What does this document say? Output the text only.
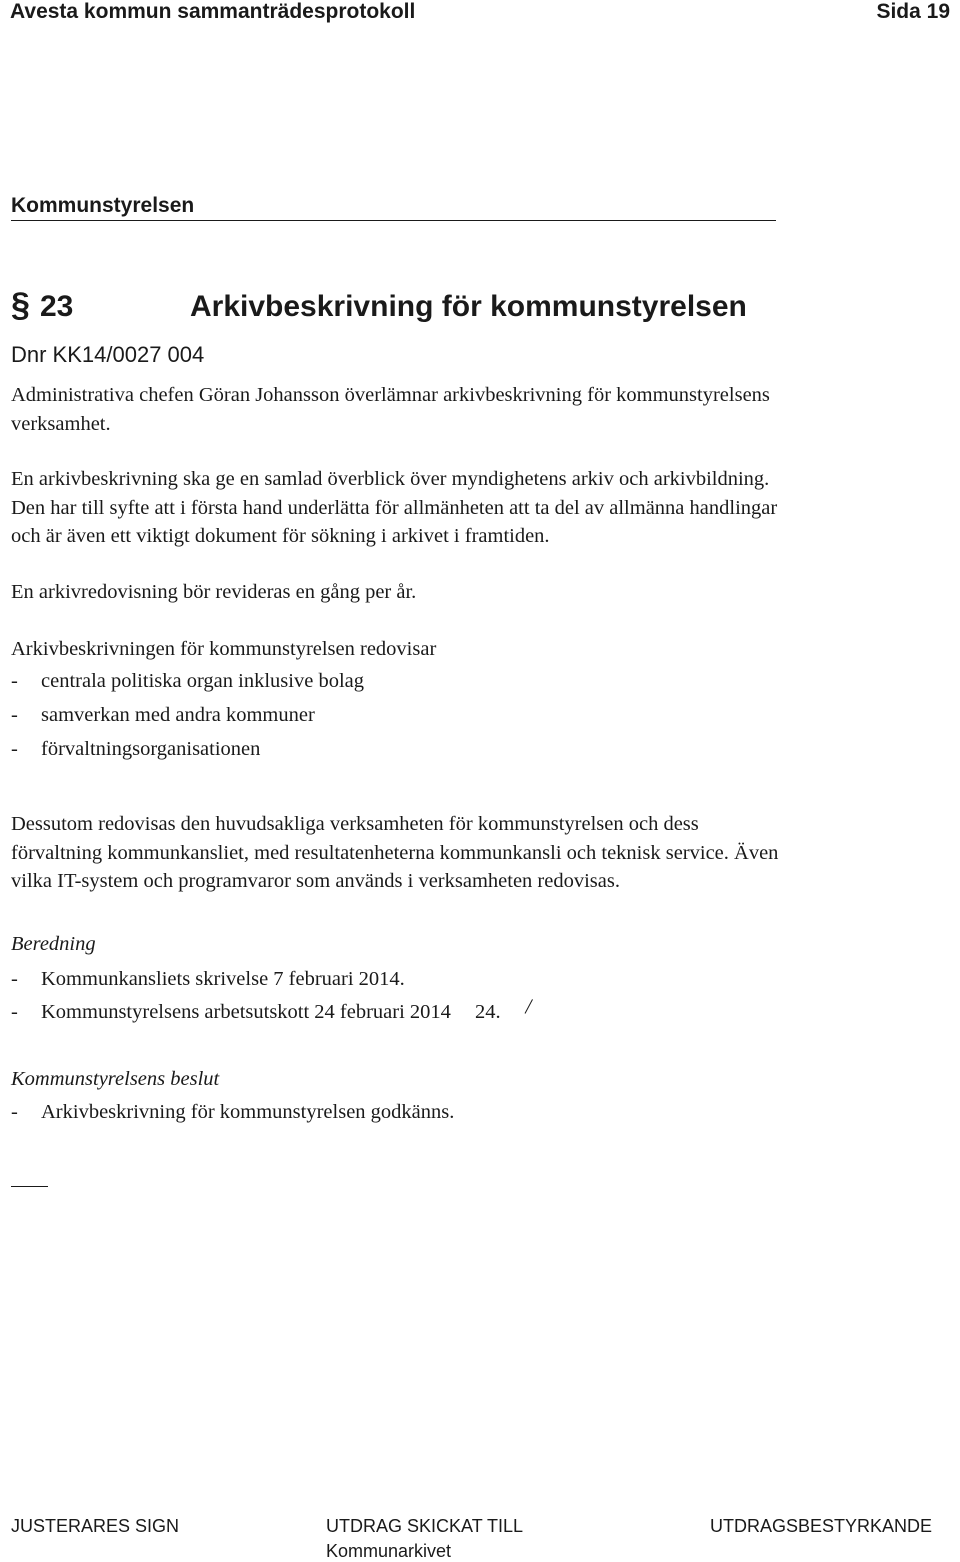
Avesta kommun sammanträdesprotokoll	Sida 19
Kommunstyrelsen
§ 23	Arkivbeskrivning för kommunstyrelsen
Dnr KK14/0027 004
Administrativa chefen Göran Johansson överlämnar arkivbeskrivning för kommunstyrelsens
verksamhet.
En arkivbeskrivning ska ge en samlad överblick över myndighetens arkiv och arkivbildning.
Den har till syfte att i första hand underlätta för allmänheten att ta del av allmänna handlingar
och är även ett viktigt dokument för sökning i arkivet i framtiden.
En arkivredovisning bör revideras en gång per år.
Arkivbeskrivningen för kommunstyrelsen redovisar
- centrala politiska organ inklusive bolag
- samverkan med andra kommuner
- förvaltningsorganisationen
Dessutom redovisas den huvudsakliga verksamheten för kommunstyrelsen och dess
förvaltning kommunkansliet, med resultatenheterna kommunkansli och teknisk service. Även
vilka IT-system och programvaror som används i verksamheten redovisas.
Beredning
- Kommunkansliets skrivelse 7 februari 2014.
- Kommunstyrelsens arbetsutskott 24 februari 2014 24.
Kommunstyrelsens beslut
- Arkivbeskrivning för kommunstyrelsen godkänns.
JUSTERARES SIGN	UTDRAG SKICKAT TILL
Kommunarkivet
UTDRAGSBESTYRKANDE
